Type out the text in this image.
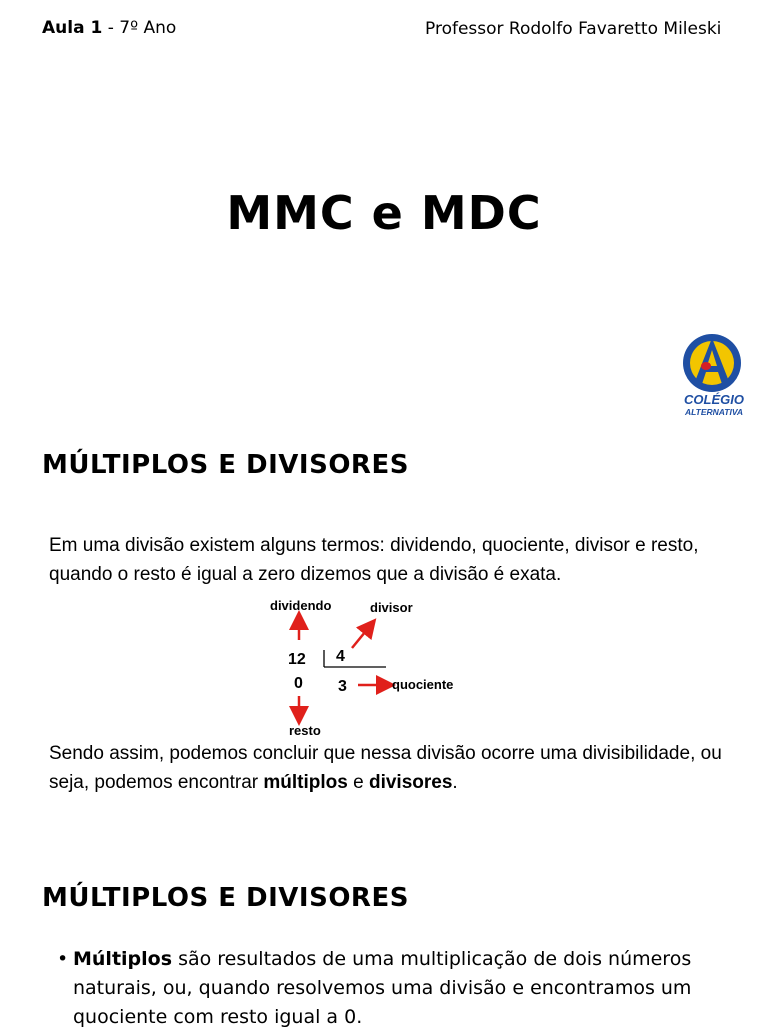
Aula 1 - 7º Ano	Professor Rodolfo Favaretto Mileski
MMC e MDC
COLÉGIO
ALTERNATIVA
MÚLTIPLOS E DIVISORES
Em uma divisão existem alguns termos: dividendo, quociente, divisor e resto, quando o resto é igual a zero dizemos que a divisão é exata.
dividendo	divisor
12 4
0 3	quociente
resto
Sendo assim, podemos concluir que nessa divisão ocorre uma divisibilidade, ou seja, podemos encontrar múltiplos e divisores.
MÚLTIPLOS E DIVISORES
• Múltiplos são resultados de uma multiplicação de dois números naturais, ou, quando resolvemos uma divisão e encontramos um quociente com resto igual a 0.
